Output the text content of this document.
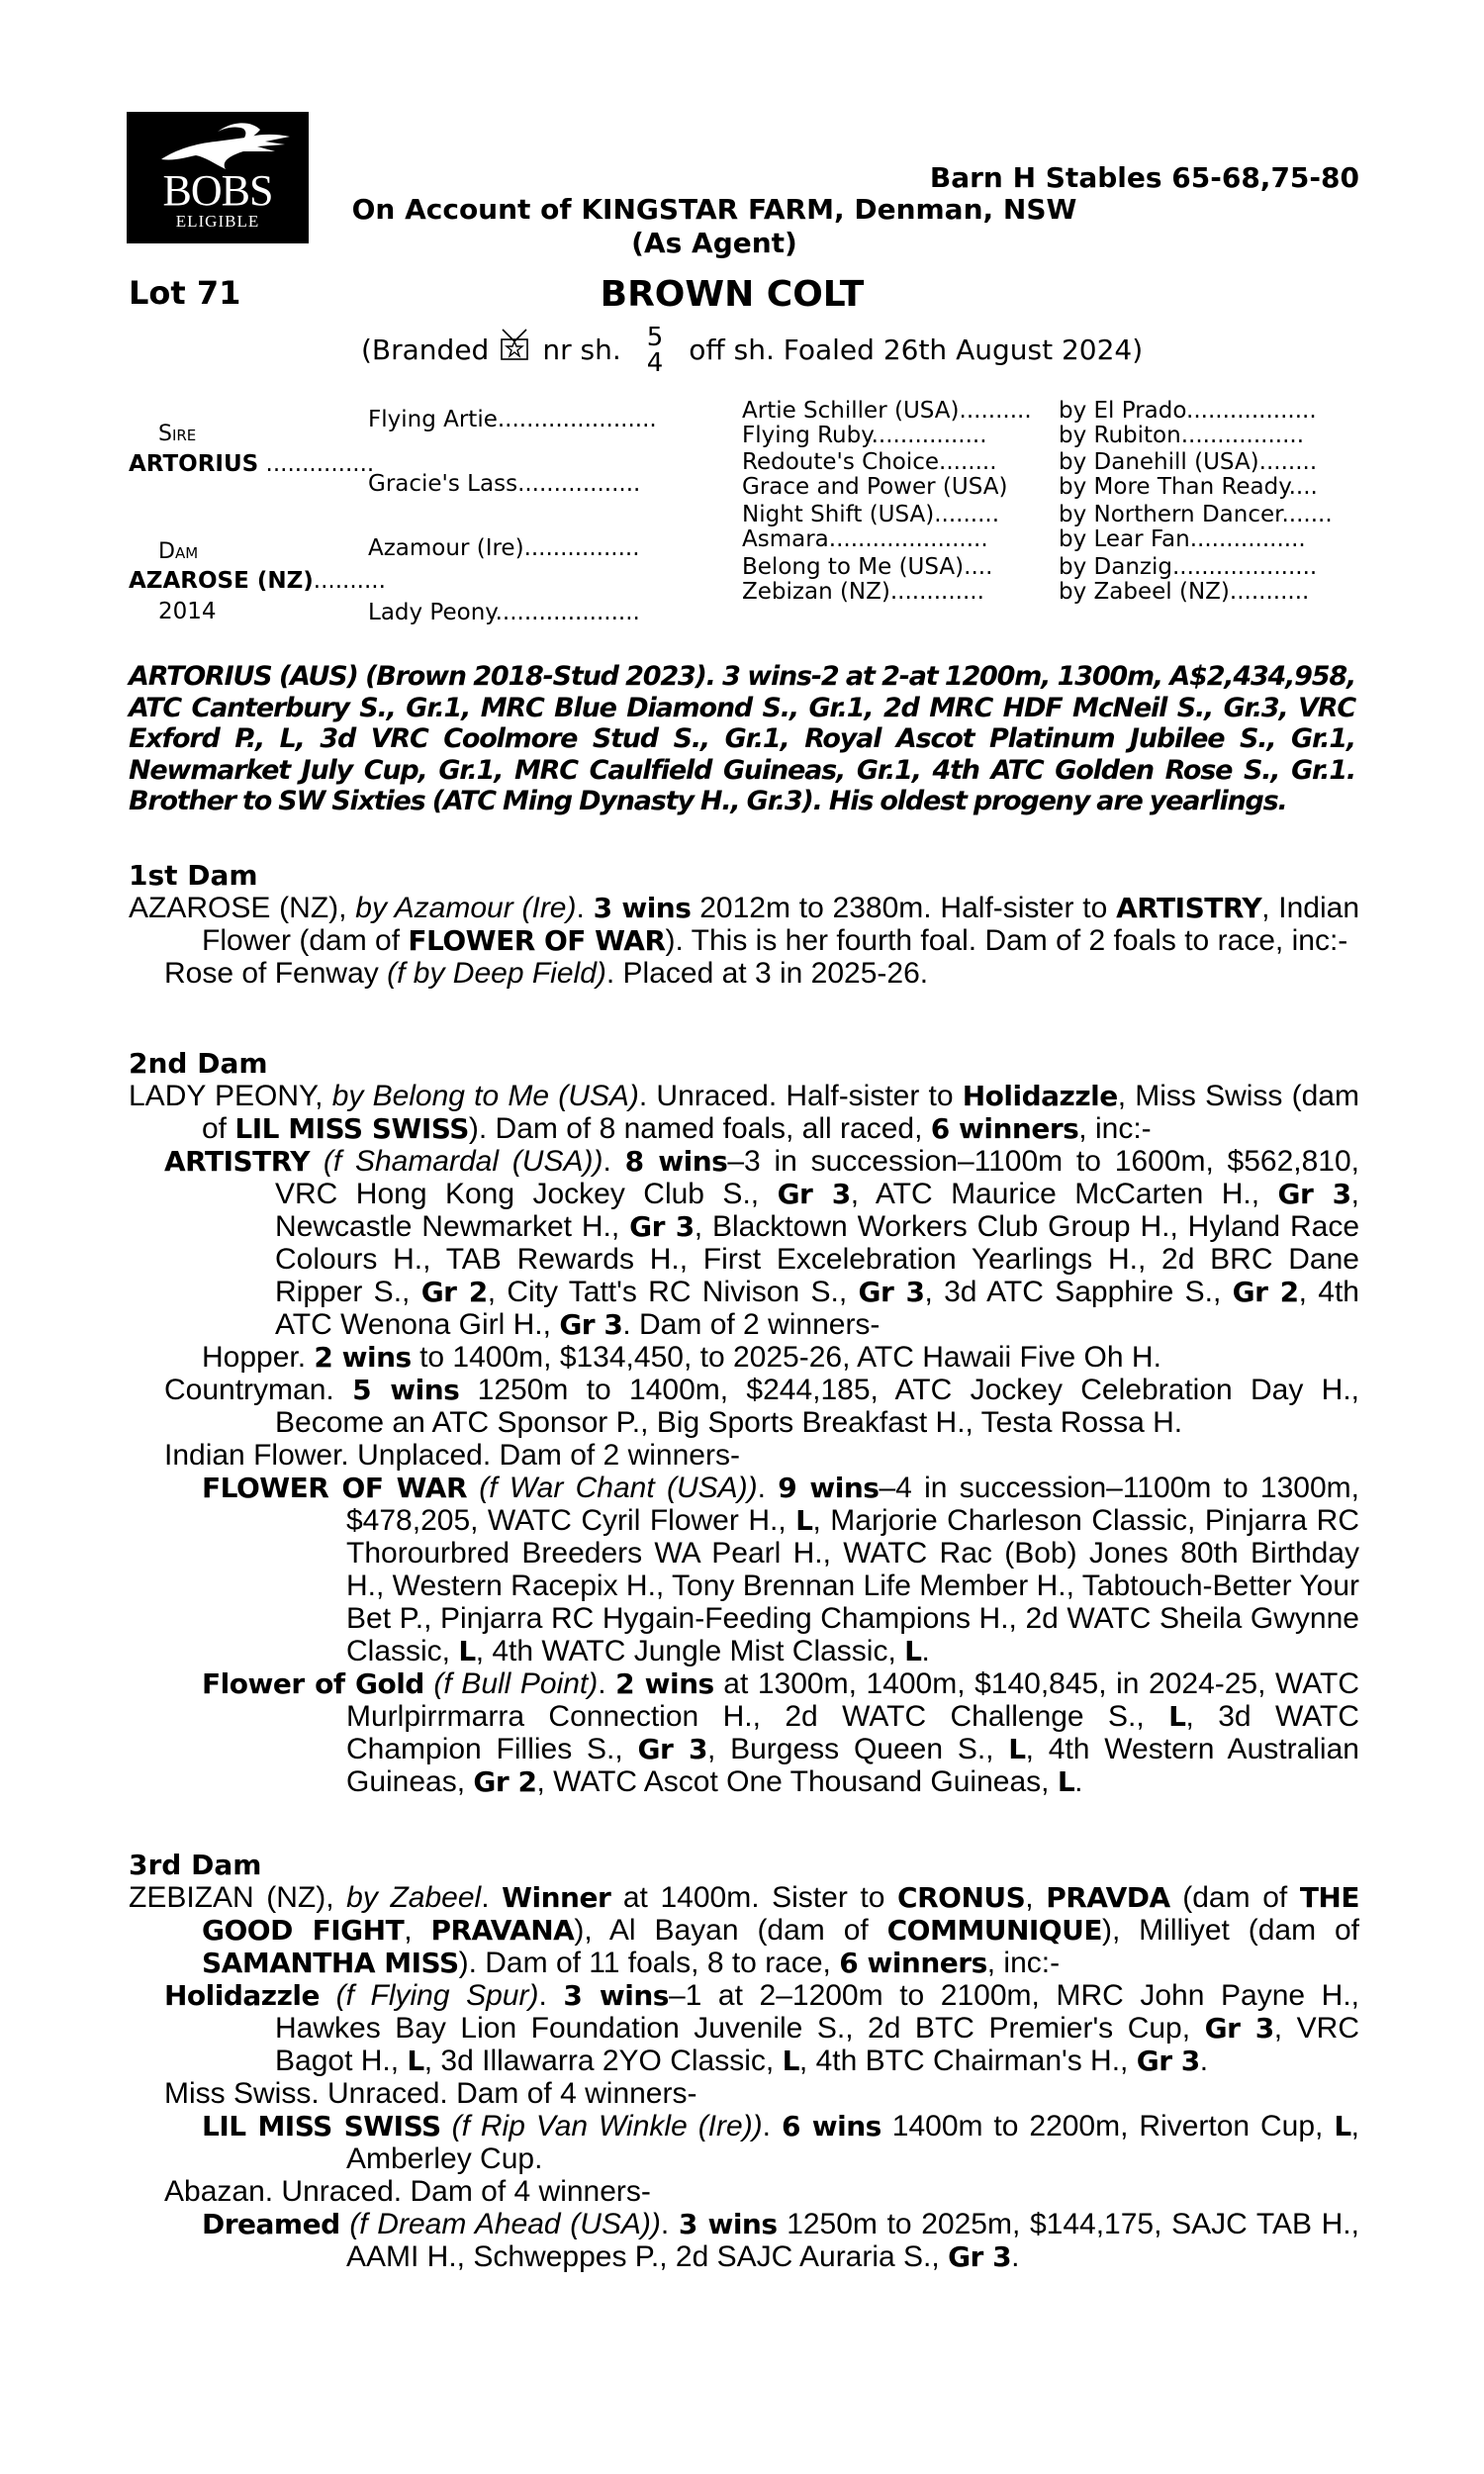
BOBS
ELIGIBLE
Barn H Stables 65-68,75-80
On Account of KINGSTAR FARM, Denman, NSW
(As Agent)
Lot 71	BROWN COLT
(Branded nr sh. 5
4 off sh. Foaled 26th August 2024)
Sire
ARTORIUS ...............
Dam
AZAROSE (NZ)..........
2014
Flying Artie......................
Gracie's Lass.................
Azamour (Ire)................
Lady Peony....................
Artie Schiller (USA).......... by El Prado..................
Flying Ruby................	by Rubiton.................
Redoute's Choice........	by Danehill (USA)........
Grace and Power (USA) by More Than Ready....
Night Shift (USA).........	by Northern Dancer.......
Asmara......................	by Lear Fan................
Belong to Me (USA)....	by Danzig....................
Zebizan (NZ).............	by Zabeel (NZ)...........
ARTORIUS (AUS) (Brown 2018-Stud 2023). 3 wins-2 at 2-at 1200m, 1300m, A$2,434,958, ATC Canterbury S., Gr.1, MRC Blue Diamond S., Gr.1, 2d MRC HDF McNeil S., Gr.3, VRC Exford P., L, 3d VRC Coolmore Stud S., Gr.1, Royal Ascot Platinum Jubilee S., Gr.1, Newmarket July Cup, Gr.1, MRC Caulfield Guineas, Gr.1, 4th ATC Golden Rose S., Gr.1. Brother to SW Sixties (ATC Ming Dynasty H., Gr.3). His oldest progeny are yearlings.
1st Dam
AZAROSE (NZ), by Azamour (Ire). 3 wins 2012m to 2380m. Half-sister to ARTISTRY, Indian Flower (dam of FLOWER OF WAR). This is her fourth foal. Dam of 2 foals to race, inc:-
Rose of Fenway (f by Deep Field). Placed at 3 in 2025-26.
2nd Dam
LADY PEONY, by Belong to Me (USA). Unraced. Half-sister to Holidazzle, Miss Swiss (dam of LIL MISS SWISS). Dam of 8 named foals, all raced, 6 winners, inc:-
ARTISTRY (f Shamardal (USA)). 8 wins–3 in succession–1100m to 1600m, $562,810, VRC Hong Kong Jockey Club S., Gr 3, ATC Maurice McCarten H., Gr 3, Newcastle Newmarket H., Gr 3, Blacktown Workers Club Group H., Hyland Race Colours H., TAB Rewards H., First Excelebration Yearlings H., 2d BRC Dane Ripper S., Gr 2, City Tatt's RC Nivison S., Gr 3, 3d ATC Sapphire S., Gr 2, 4th ATC Wenona Girl H., Gr 3. Dam of 2 winners-
Hopper. 2 wins to 1400m, $134,450, to 2025-26, ATC Hawaii Five Oh H.
Countryman. 5 wins 1250m to 1400m, $244,185, ATC Jockey Celebration Day H., Become an ATC Sponsor P., Big Sports Breakfast H., Testa Rossa H.
Indian Flower. Unplaced. Dam of 2 winners-
FLOWER OF WAR (f War Chant (USA)). 9 wins–4 in succession–1100m to 1300m, $478,205, WATC Cyril Flower H., L, Marjorie Charleson Classic, Pinjarra RC Thorourbred Breeders WA Pearl H., WATC Rac (Bob) Jones 80th Birthday H., Western Racepix H., Tony Brennan Life Member H., Tabtouch-Better Your Bet P., Pinjarra RC Hygain-Feeding Champions H., 2d WATC Sheila Gwynne Classic, L, 4th WATC Jungle Mist Classic, L.
Flower of Gold (f Bull Point). 2 wins at 1300m, 1400m, $140,845, in 2024-25, WATC Murlpirrmarra Connection H., 2d WATC Challenge S., L, 3d WATC Champion Fillies S., Gr 3, Burgess Queen S., L, 4th Western Australian Guineas, Gr 2, WATC Ascot One Thousand Guineas, L.
3rd Dam
ZEBIZAN (NZ), by Zabeel. Winner at 1400m. Sister to CRONUS, PRAVDA (dam of THE GOOD FIGHT, PRAVANA), Al Bayan (dam of COMMUNIQUE), Milliyet (dam of SAMANTHA MISS). Dam of 11 foals, 8 to race, 6 winners, inc:-
Holidazzle (f Flying Spur). 3 wins–1 at 2–1200m to 2100m, MRC John Payne H., Hawkes Bay Lion Foundation Juvenile S., 2d BTC Premier's Cup, Gr 3, VRC Bagot H., L, 3d Illawarra 2YO Classic, L, 4th BTC Chairman's H., Gr 3.
Miss Swiss. Unraced. Dam of 4 winners-
LIL MISS SWISS (f Rip Van Winkle (Ire)). 6 wins 1400m to 2200m, Riverton Cup, L, Amberley Cup.
Abazan. Unraced. Dam of 4 winners-
Dreamed (f Dream Ahead (USA)). 3 wins 1250m to 2025m, $144,175, SAJC TAB H., AAMI H., Schweppes P., 2d SAJC Auraria S., Gr 3.
